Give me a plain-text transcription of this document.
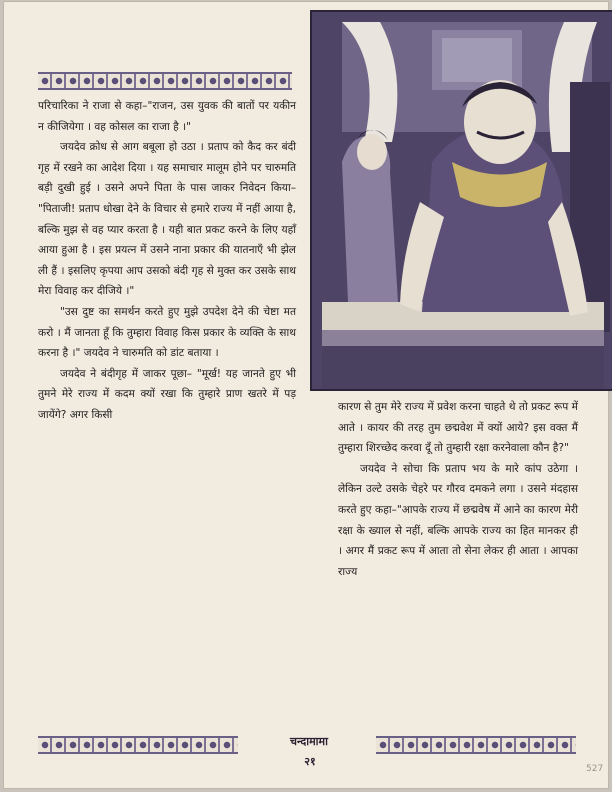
परिचारिका ने राजा से कहा–"राजन, उस युवक की बातों पर यकीन न कीजियेगा । वह कोसल का राजा है ।"

जयदेव क्रोध से आग बबूला हो उठा । प्रताप को कैद कर बंदी गृह में रखने का आदेश दिया । यह समाचार मालूम होने पर चारुमति बड़ी दुखी हुई । उसने अपने पिता के पास जाकर निवेदन किया– "पिताजी! प्रताप धोखा देने के विचार से हमारे राज्य में नहीं आया है, बल्कि मुझ से वह प्यार करता है । यही बात प्रकट करने के लिए यहाँ आया हुआ है । इस प्रयत्न में उसने नाना प्रकार की यातनाएँ भी झेल ली हैं । इसलिए कृपया आप उसको बंदी गृह से मुक्त कर उसके साथ मेरा विवाह कर दीजिये ।"

"उस दुष्ट का समर्थन करते हुए मुझे उपदेश देने की चेष्टा मत करो । मैं जानता हूँ कि तुम्हारा विवाह किस प्रकार के व्यक्ति के साथ करना है ।" जयदेव ने चारुमति को डांट बताया ।

जयदेव ने बंदीगृह में जाकर पूछा– "मूर्ख! यह जानते हुए भी तुमने मेरे राज्य में कदम क्यों रखा कि तुम्हारे प्राण खतरे में पड़ जायेंगे? अगर किसी

कारण से तुम मेरे राज्य में प्रवेश करना चाहते थे तो प्रकट रूप में आते । कायर की तरह तुम छद्मवेश में क्यों आये? इस वक्त मैं तुम्हारा शिरच्छेद करवा दूँ तो तुम्हारी रक्षा करनेवाला कौन है?"

जयदेव ने सोचा कि प्रताप भय के मारे कांप उठेगा । लेकिन उल्टे उसके चेहरे पर गौरव दमकने लगा । उसने मंदहास करते हुए कहा–"आपके राज्य में छद्मवेष में आने का कारण मेरी रक्षा के ख्याल से नहीं, बल्कि आपके राज्य का हित मानकर ही । अगर मैं प्रकट रूप में आता तो सेना लेकर ही आता । आपका राज्य

चन्दामामा
२१
527
